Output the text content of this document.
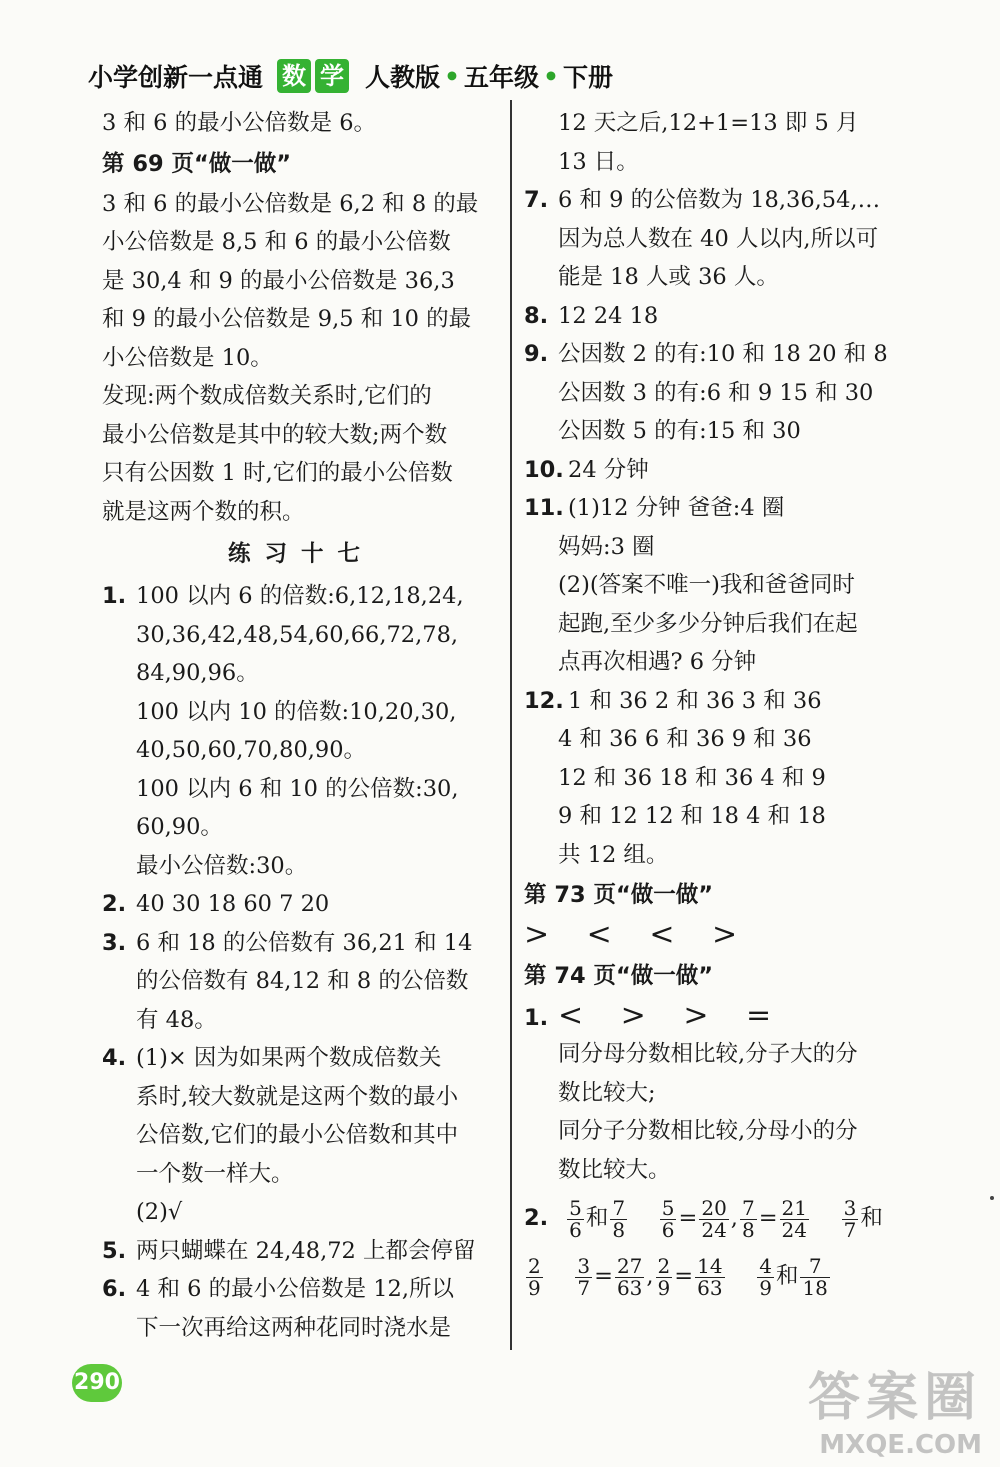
小学创新一点通 数 学 人教版 • 五年级 • 下册
3 和 6 的最小公倍数是 6。
第 69 页“做一做”
3 和 6 的最小公倍数是 6,2 和 8 的最
小公倍数是 8,5 和 6 的最小公倍数
是 30,4 和 9 的最小公倍数是 36,3
和 9 的最小公倍数是 9,5 和 10 的最
小公倍数是 10。
发现:两个数成倍数关系时,它们的
最小公倍数是其中的较大数;两个数
只有公因数 1 时,它们的最小公倍数
就是这两个数的积。
练习十七
1. 100 以内 6 的倍数:6,12,18,24,
30,36,42,48,54,60,66,72,78,
84,90,96。
100 以内 10 的倍数:10,20,30,
40,50,60,70,80,90。
100 以内 6 和 10 的公倍数:30,
60,90。
最小公倍数:30。
2. 40 30 18 60 7 20
3. 6 和 18 的公倍数有 36,21 和 14
的公倍数有 84,12 和 8 的公倍数
有 48。
4. (1)× 因为如果两个数成倍数关
系时,较大数就是这两个数的最小
公倍数,它们的最小公倍数和其中
一个数一样大。
(2)√
5. 两只蝴蝶在 24,48,72 上都会停留
6. 4 和 6 的最小公倍数是 12,所以
下一次再给这两种花同时浇水是
12 天之后,12+1=13 即 5 月
13 日。
7. 6 和 9 的公倍数为 18,36,54,…
因为总人数在 40 人以内,所以可
能是 18 人或 36 人。
8. 12 24 18
9. 公因数 2 的有:10 和 18 20 和 8
公因数 3 的有:6 和 9 15 和 30
公因数 5 的有:15 和 30
10. 24 分钟
11. (1)12 分钟 爸爸:4 圈
妈妈:3 圈
(2)(答案不唯一)我和爸爸同时
起跑,至少多少分钟后我们在起
点再次相遇? 6 分钟
12. 1 和 36 2 和 36 3 和 36
4 和 36 6 和 36 9 和 36
12 和 36 18 和 36 4 和 9
9 和 12 12 和 18 4 和 18
共 12 组。
第 73 页“做一做”
> < < >
第 74 页“做一做”
1. < > > =
同分母分数相比较,分子大的分
数比较大;
同分子分数相比较,分母小的分
数比较大。
2. $\frac{5}{6}$ 和 $\frac{7}{8}$
$\frac{5}{6} = \frac{20}{24}$ , $\frac{7}{8} = \frac{21}{24}$
$\frac{3}{7}$ 和
$\frac{2}{9}$
$\frac{3}{7} = \frac{27}{63}$ , $\frac{2}{9} = \frac{14}{63}$
$\frac{4}{9}$ 和 $\frac{7}{18}$
290	答案圈
MXQE.COM
